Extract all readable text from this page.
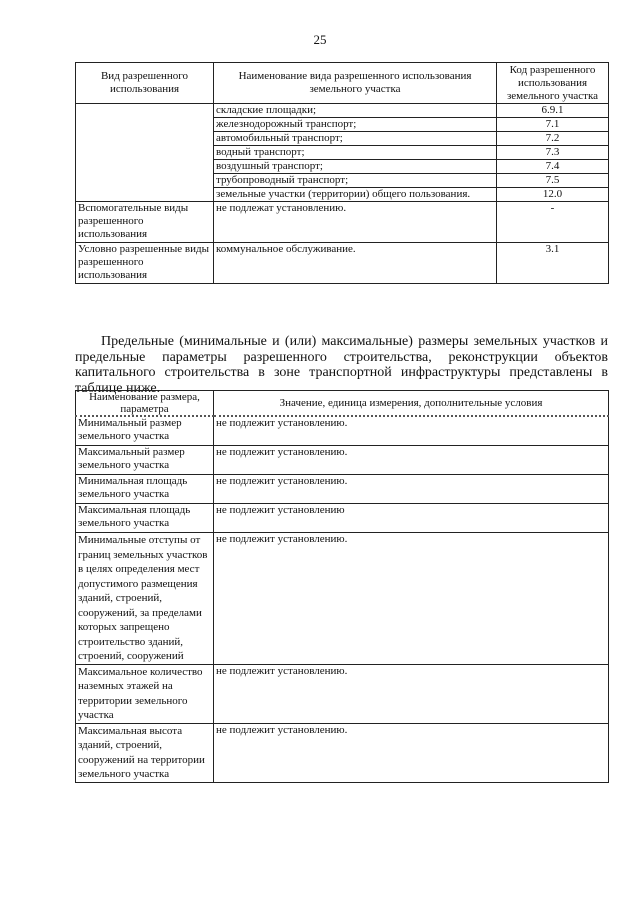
25
Вид разрешенного использования	Наименование вида разрешенного использования земельного участка	Код разрешенного использования земельного участка
	складские площадки;	6.9.1
	железнодорожный транспорт;	7.1
	автомобильный транспорт;	7.2
	водный транспорт;	7.3
	воздушный транспорт;	7.4
	трубопроводный транспорт;	7.5
	земельные участки (территории) общего пользования.	12.0
Вспомогательные виды разрешенного использования	не подлежат установлению.	-
Условно разрешенные виды разрешенного использования	коммунальное обслуживание.	3.1

Предельные (минимальные и (или) максимальные) размеры земельных участков и предельные параметры разрешенного строительства, реконструкции объектов капитального строительства в зоне транспортной инфраструктуры представлены в таблице ниже.

Наименование размера, параметра	Значение, единица измерения, дополнительные условия
Минимальный размер земельного участка	не подлежит установлению.
Максимальный размер земельного участка	не подлежит установлению.
Минимальная площадь земельного участка	не подлежит установлению.
Максимальная площадь земельного участка	не подлежит установлению
Минимальные отступы от границ земельных участков в целях определения мест допустимого размещения зданий, строений, сооружений, за пределами которых запрещено строительство зданий, строений, сооружений	не подлежит установлению.
Максимальное количество наземных этажей на территории земельного участка	не подлежит установлению.
Максимальная высота зданий, строений, сооружений на территории земельного участка	не подлежит установлению.
